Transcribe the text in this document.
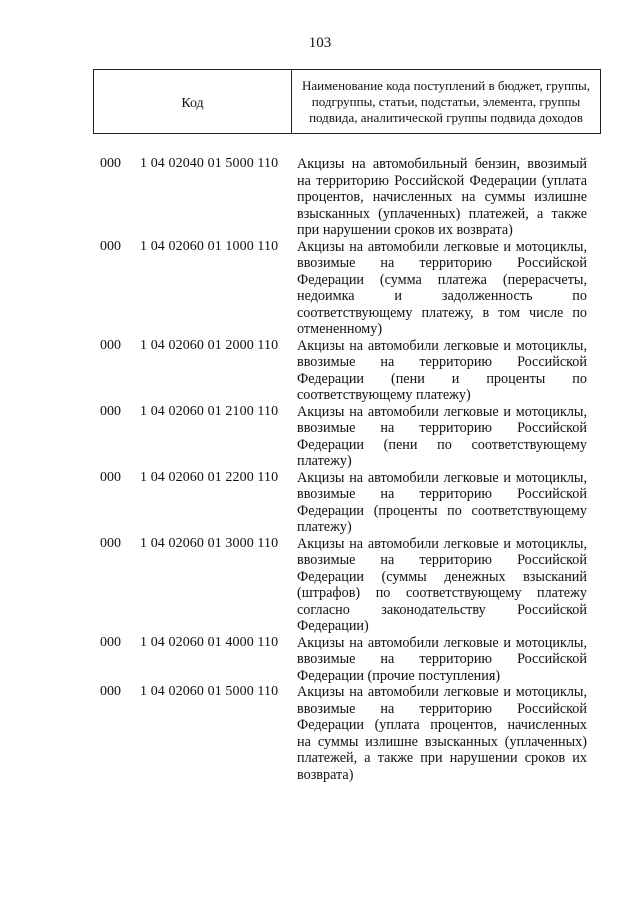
103
Код
Наименование кода поступлений в бюджет, группы, подгруппы, статьи, подстатьи, элемента, группы подвида, аналитической группы подвида доходов
000 1 04 02040 01 5000 110 Акцизы на автомобильный бензин, ввозимый
на территорию Российской Федерации (уплата
процентов, начисленных на суммы излишне
взысканных (уплаченных) платежей, а также
при нарушении сроков их возврата)
000 1 04 02060 01 1000 110 Акцизы на автомобили легковые и мотоциклы,
ввозимые на территорию Российской
Федерации (сумма платежа (перерасчеты,
недоимка и задолженность по
соответствующему платежу, в том числе по
отмененному)
000 1 04 02060 01 2000 110 Акцизы на автомобили легковые и мотоциклы,
ввозимые на территорию Российской
Федерации (пени и проценты по
соответствующему платежу)
000 1 04 02060 01 2100 110 Акцизы на автомобили легковые и мотоциклы,
ввозимые на территорию Российской
Федерации (пени по соответствующему
платежу)
000 1 04 02060 01 2200 110 Акцизы на автомобили легковые и мотоциклы,
ввозимые на территорию Российской
Федерации (проценты по соответствующему
платежу)
000 1 04 02060 01 3000 110 Акцизы на автомобили легковые и мотоциклы,
ввозимые на территорию Российской
Федерации (суммы денежных взысканий
(штрафов) по соответствующему платежу
согласно законодательству Российской
Федерации)
000 1 04 02060 01 4000 110 Акцизы на автомобили легковые и мотоциклы,
ввозимые на территорию Российской
Федерации (прочие поступления)
000 1 04 02060 01 5000 110 Акцизы на автомобили легковые и мотоциклы,
ввозимые на территорию Российской
Федерации (уплата процентов, начисленных
на суммы излишне взысканных (уплаченных)
платежей, а также при нарушении сроков их
возврата)
